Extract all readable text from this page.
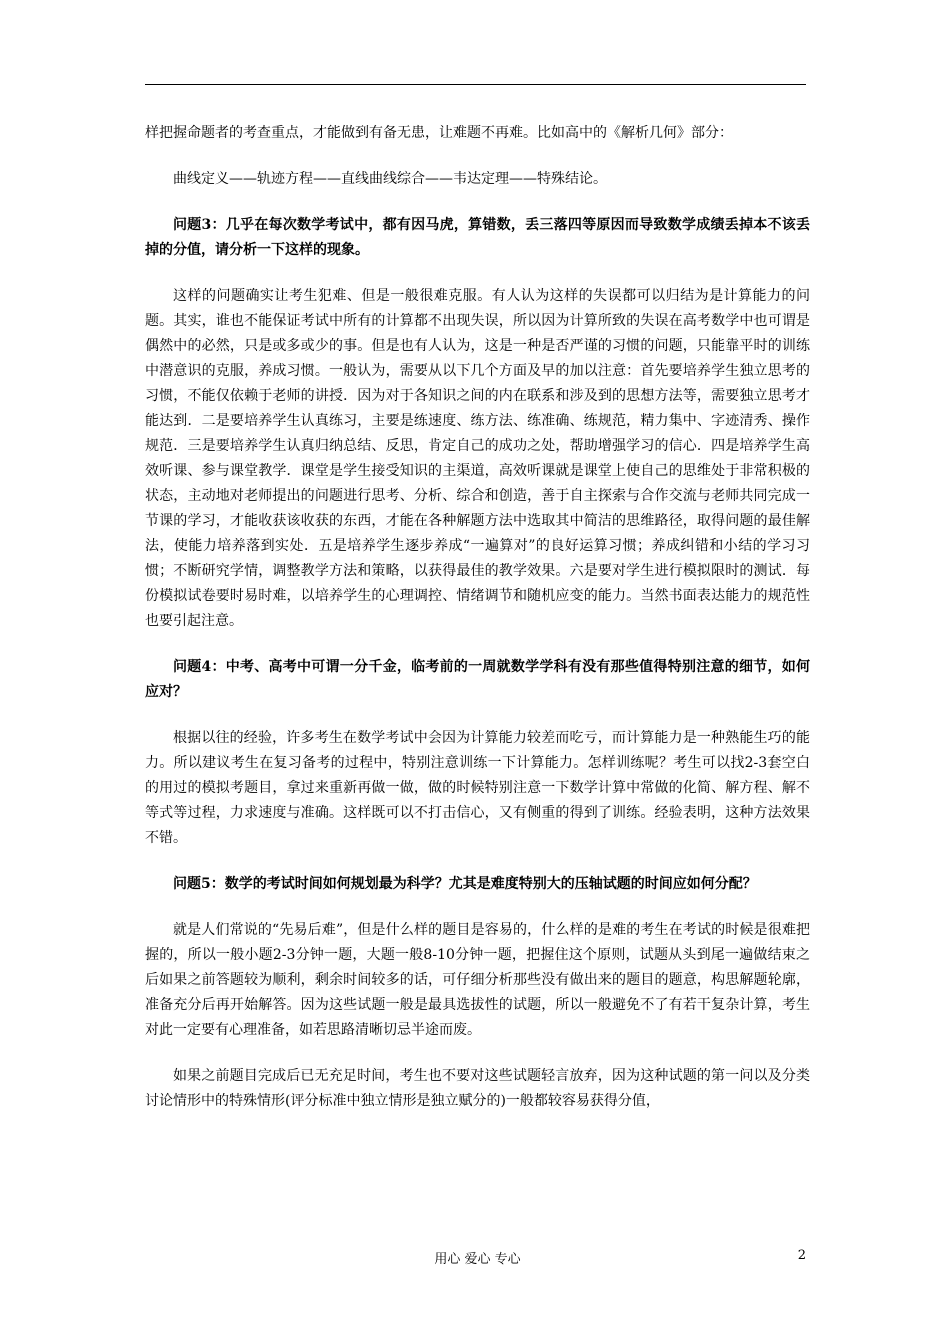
样把握命题者的考查重点，才能做到有备无患，让难题不再难。比如高中的《解析几何》部分：

曲线定义——轨迹方程——直线曲线综合——韦达定理——特殊结论。

问题3：几乎在每次数学考试中，都有因马虎，算错数，丢三落四等原因而导致数学成绩丢掉本不该丢掉的分值，请分析一下这样的现象。

这样的问题确实让考生犯难、但是一般很难克服。有人认为这样的失误都可以归结为是计算能力的问题。其实，谁也不能保证考试中所有的计算都不出现失误，所以因为计算所致的失误在高考数学中也可谓是偶然中的必然，只是或多或少的事。但是也有人认为，这是一种是否严谨的习惯的问题，只能靠平时的训练中潜意识的克服，养成习惯。一般认为，需要从以下几个方面及早的加以注意：首先要培养学生独立思考的习惯，不能仅依赖于老师的讲授．因为对于各知识之间的内在联系和涉及到的思想方法等，需要独立思考才能达到．二是要培养学生认真练习，主要是练速度、练方法、练准确、练规范，精力集中、字迹清秀、操作规范．三是要培养学生认真归纳总结、反思，肯定自己的成功之处，帮助增强学习的信心．四是培养学生高效听课、参与课堂教学．课堂是学生接受知识的主渠道，高效听课就是课堂上使自己的思维处于非常积极的状态，主动地对老师提出的问题进行思考、分析、综合和创造，善于自主探索与合作交流与老师共同完成一节课的学习，才能收获该收获的东西，才能在各种解题方法中选取其中简洁的思维路径，取得问题的最佳解法，使能力培养落到实处．五是培养学生逐步养成“一遍算对”的良好运算习惯；养成纠错和小结的学习习惯；不断研究学情，调整教学方法和策略，以获得最佳的教学效果。六是要对学生进行模拟限时的测试．每份模拟试卷要时易时难，以培养学生的心理调控、情绪调节和随机应变的能力。当然书面表达能力的规范性也要引起注意。

问题4：中考、高考中可谓一分千金，临考前的一周就数学学科有没有那些值得特别注意的细节，如何应对？

根据以往的经验，许多考生在数学考试中会因为计算能力较差而吃亏，而计算能力是一种熟能生巧的能力。所以建议考生在复习备考的过程中，特别注意训练一下计算能力。怎样训练呢？考生可以找2-3套空白的用过的模拟考题目，拿过来重新再做一做，做的时候特别注意一下数学计算中常做的化简、解方程、解不等式等过程，力求速度与准确。这样既可以不打击信心，又有侧重的得到了训练。经验表明，这种方法效果不错。

问题5：数学的考试时间如何规划最为科学？尤其是难度特别大的压轴试题的时间应如何分配？

就是人们常说的“先易后难”，但是什么样的题目是容易的，什么样的是难的考生在考试的时候是很难把握的，所以一般小题2-3分钟一题，大题一般8-10分钟一题，把握住这个原则，试题从头到尾一遍做结束之后如果之前答题较为顺利，剩余时间较多的话，可仔细分析那些没有做出来的题目的题意，构思解题轮廓，准备充分后再开始解答。因为这些试题一般是最具选拔性的试题，所以一般避免不了有若干复杂计算，考生对此一定要有心理准备，如若思路清晰切忌半途而废。

如果之前题目完成后已无充足时间，考生也不要对这些试题轻言放弃，因为这种试题的第一问以及分类讨论情形中的特殊情形(评分标准中独立情形是独立赋分的)一般都较容易获得分值，

用心 爱心 专心	2
